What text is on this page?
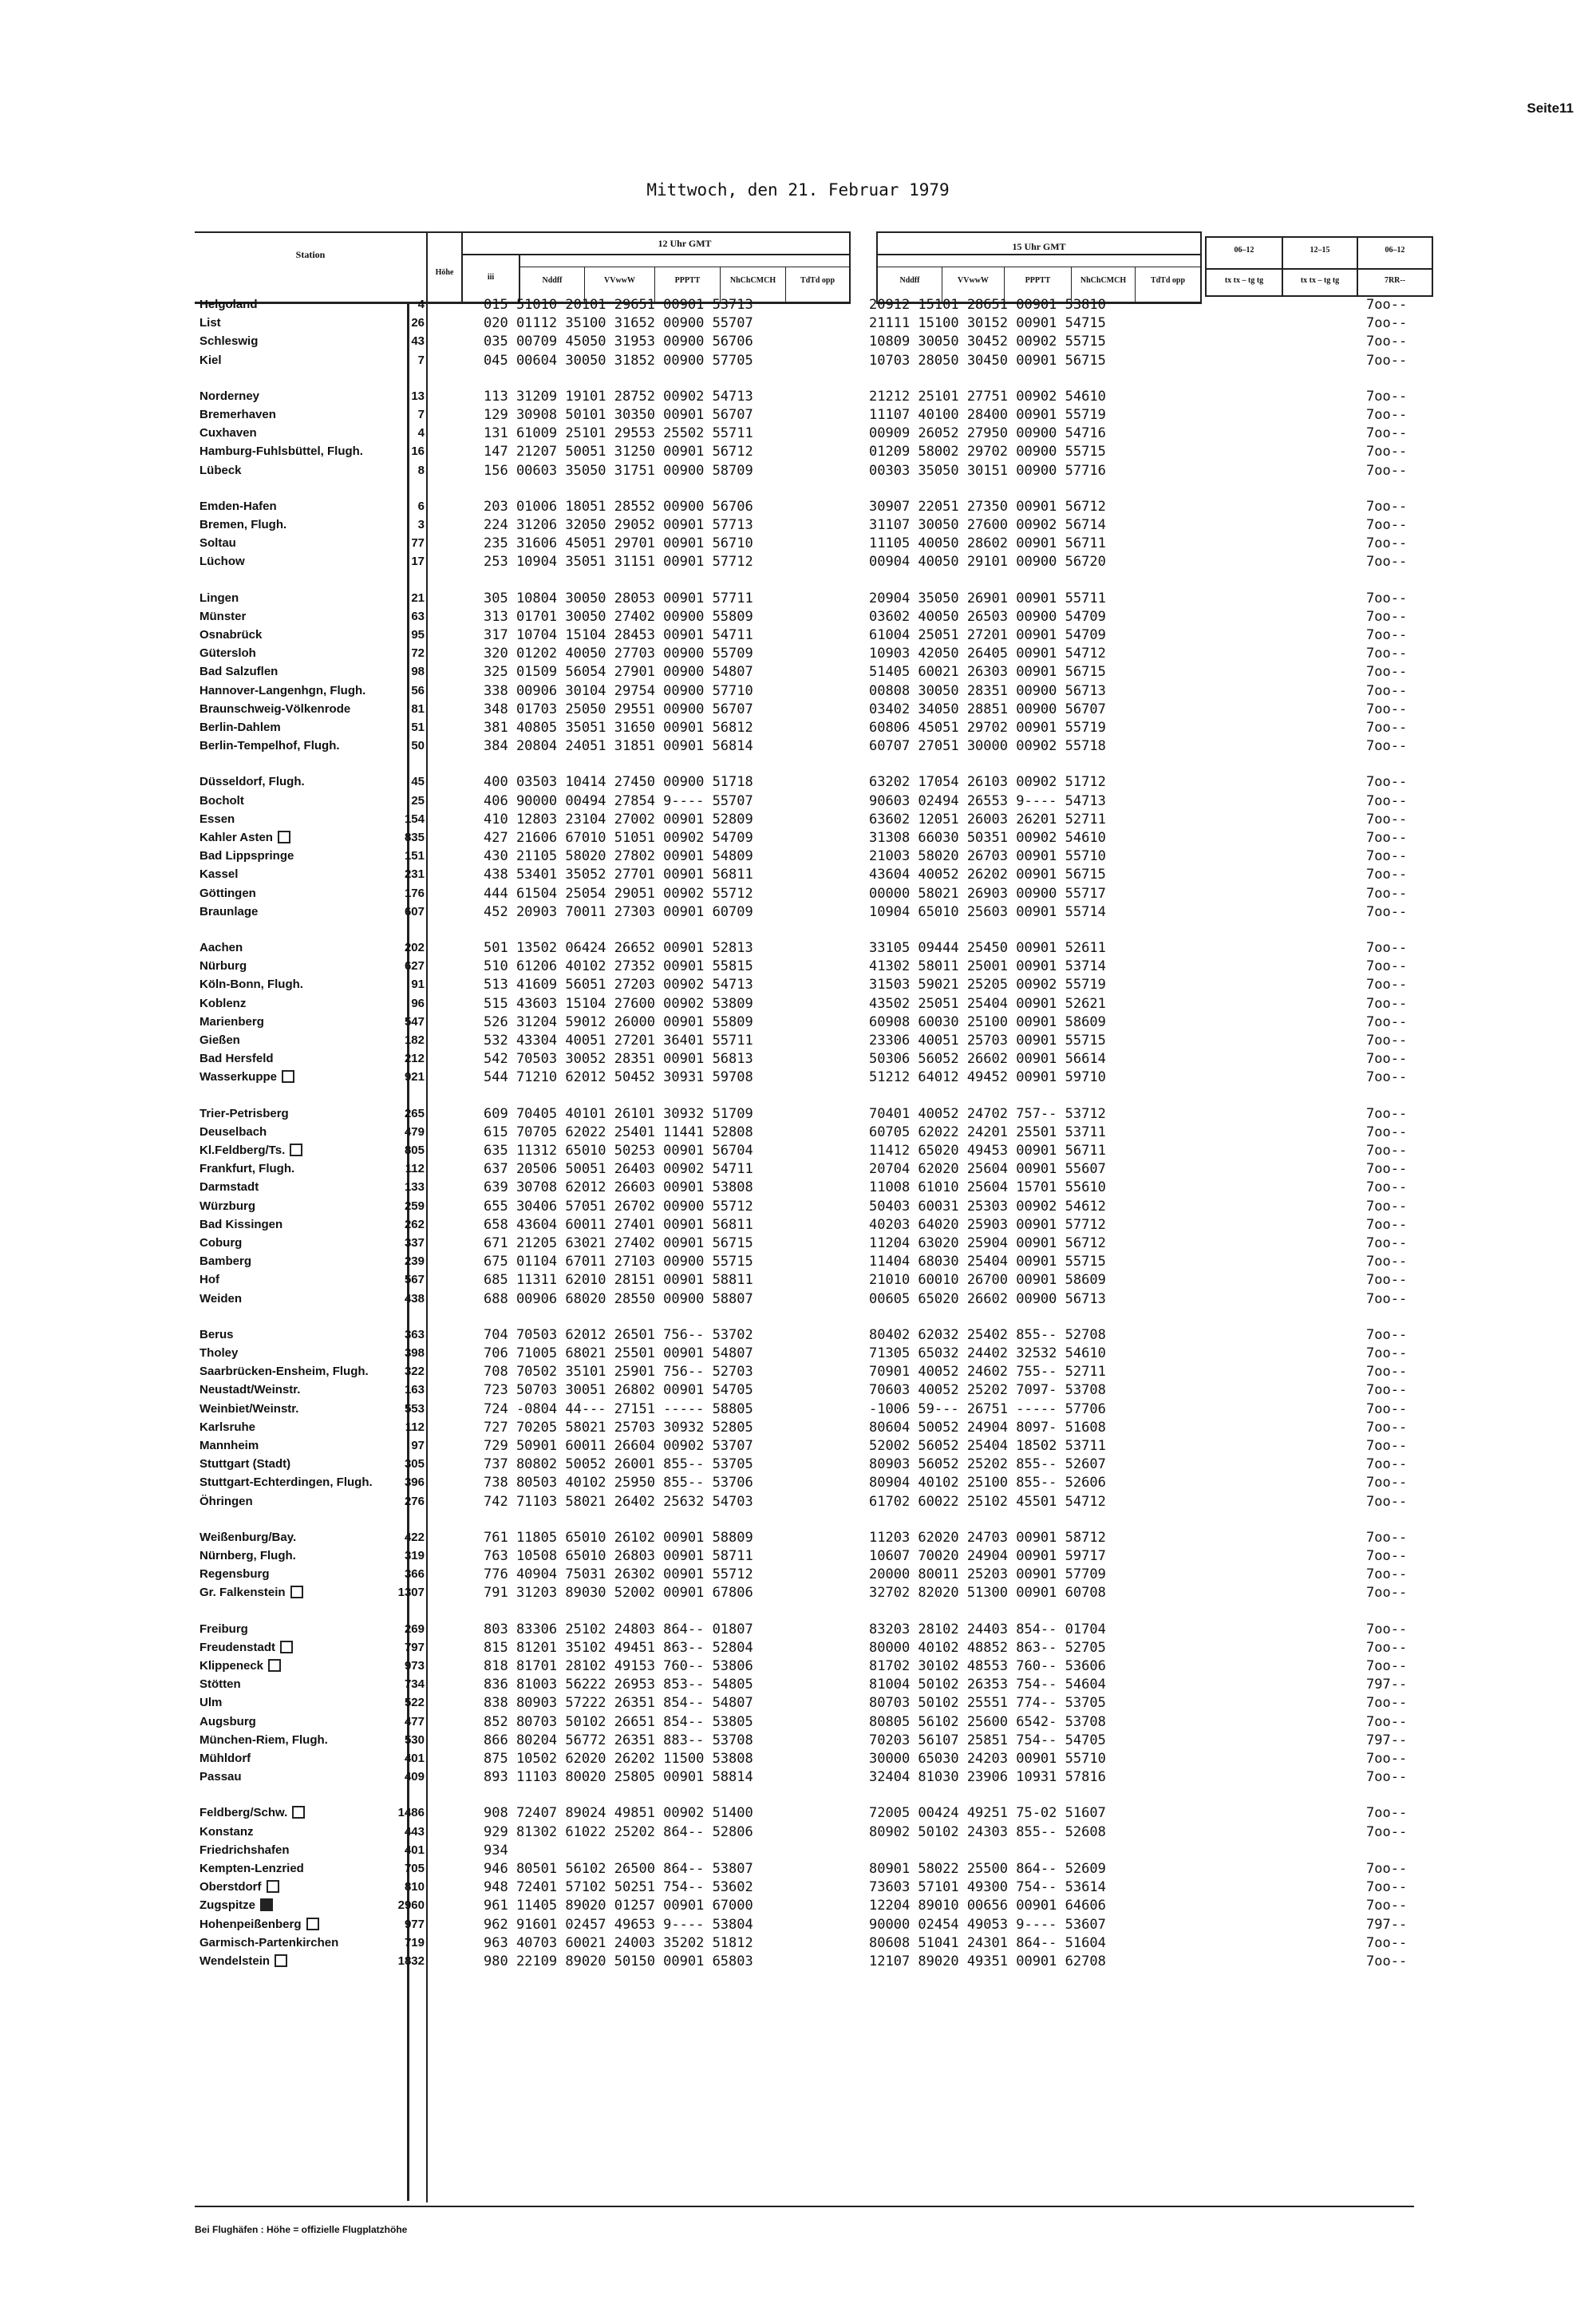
Seite11
Mittwoch, den 21. Februar 1979
Station
Höhe
iii
12 Uhr GMT	15 Uhr GMT
Nddff	VVwwW	PPPTT	NhChCMCH	TdTd opp	Nddff	VVwwW	PPPTT	NhChCMCH	TdTd opp
06–12	12–15	06–12
tx tx – tg tg	tx tx – tg tg	7RR--
Helgoland	4	015 51010 20101 29651 00901 53713	20912 15101 28651 00901 53810	7oo--
List	26	020 01112 35100 31652 00900 55707	21111 15100 30152 00901 54715	7oo--
Schleswig	43	035 00709 45050 31953 00900 56706	10809 30050 30452 00902 55715	7oo--
Kiel	7	045 00604 30050 31852 00900 57705	10703 28050 30450 00901 56715	7oo--
Norderney	13	113 31209 19101 28752 00902 54713	21212 25101 27751 00902 54610	7oo--
Bremerhaven	7	129 30908 50101 30350 00901 56707	11107 40100 28400 00901 55719	7oo--
Cuxhaven	4	131 61009 25101 29553 25502 55711	00909 26052 27950 00900 54716	7oo--
Hamburg-Fuhlsbüttel, Flugh.	16	147 21207 50051 31250 00901 56712	01209 58002 29702 00900 55715	7oo--
Lübeck	8	156 00603 35050 31751 00900 58709	00303 35050 30151 00900 57716	7oo--
Emden-Hafen	6	203 01006 18051 28552 00900 56706	30907 22051 27350 00901 56712	7oo--
Bremen, Flugh.	3	224 31206 32050 29052 00901 57713	31107 30050 27600 00902 56714	7oo--
Soltau	77	235 31606 45051 29701 00901 56710	11105 40050 28602 00901 56711	7oo--
Lüchow	17	253 10904 35051 31151 00901 57712	00904 40050 29101 00900 56720	7oo--
Lingen	21	305 10804 30050 28053 00901 57711	20904 35050 26901 00901 55711	7oo--
Münster	63	313 01701 30050 27402 00900 55809	03602 40050 26503 00900 54709	7oo--
Osnabrück	95	317 10704 15104 28453 00901 54711	61004 25051 27201 00901 54709	7oo--
Gütersloh	72	320 01202 40050 27703 00900 55709	10903 42050 26405 00901 54712	7oo--
Bad Salzuflen	98	325 01509 56054 27901 00900 54807	51405 60021 26303 00901 56715	7oo--
Hannover-Langenhgn, Flugh.	56	338 00906 30104 29754 00900 57710	00808 30050 28351 00900 56713	7oo--
Braunschweig-Völkenrode	81	348 01703 25050 29551 00900 56707	03402 34050 28851 00900 56707	7oo--
Berlin-Dahlem	51	381 40805 35051 31650 00901 56812	60806 45051 29702 00901 55719	7oo--
Berlin-Tempelhof, Flugh.	50	384 20804 24051 31851 00901 56814	60707 27051 30000 00902 55718	7oo--
Düsseldorf, Flugh.	45	400 03503 10414 27450 00900 51718	63202 17054 26103 00902 51712	7oo--
Bocholt	25	406 90000 00494 27854 9---- 55707	90603 02494 26553 9---- 54713	7oo--
Essen	154	410 12803 23104 27002 00901 52809	63602 12051 26003 26201 52711	7oo--
Kahler Asten	835	427 21606 67010 51051 00902 54709	31308 66030 50351 00902 54610	7oo--
Bad Lippspringe	151	430 21105 58020 27802 00901 54809	21003 58020 26703 00901 55710	7oo--
Kassel	231	438 53401 35052 27701 00901 56811	43604 40052 26202 00901 56715	7oo--
Göttingen	176	444 61504 25054 29051 00902 55712	00000 58021 26903 00900 55717	7oo--
Braunlage	607	452 20903 70011 27303 00901 60709	10904 65010 25603 00901 55714	7oo--
Aachen	202	501 13502 06424 26652 00901 52813	33105 09444 25450 00901 52611	7oo--
Nürburg	627	510 61206 40102 27352 00901 55815	41302 58011 25001 00901 53714	7oo--
Köln-Bonn, Flugh.	91	513 41609 56051 27203 00902 54713	31503 59021 25205 00902 55719	7oo--
Koblenz	96	515 43603 15104 27600 00902 53809	43502 25051 25404 00901 52621	7oo--
Marienberg	547	526 31204 59012 26000 00901 55809	60908 60030 25100 00901 58609	7oo--
Gießen	182	532 43304 40051 27201 36401 55711	23306 40051 25703 00901 55715	7oo--
Bad Hersfeld	212	542 70503 30052 28351 00901 56813	50306 56052 26602 00901 56614	7oo--
Wasserkuppe	921	544 71210 62012 50452 30931 59708	51212 64012 49452 00901 59710	7oo--
Trier-Petrisberg	265	609 70405 40101 26101 30932 51709	70401 40052 24702 757-- 53712	7oo--
Deuselbach	479	615 70705 62022 25401 11441 52808	60705 62022 24201 25501 53711	7oo--
Kl.Feldberg/Ts.	805	635 11312 65010 50253 00901 56704	11412 65020 49453 00901 56711	7oo--
Frankfurt, Flugh.	112	637 20506 50051 26403 00902 54711	20704 62020 25604 00901 55607	7oo--
Darmstadt	133	639 30708 62012 26603 00901 53808	11008 61010 25604 15701 55610	7oo--
Würzburg	259	655 30406 57051 26702 00900 55712	50403 60031 25303 00902 54612	7oo--
Bad Kissingen	262	658 43604 60011 27401 00901 56811	40203 64020 25903 00901 57712	7oo--
Coburg	337	671 21205 63021 27402 00901 56715	11204 63020 25904 00901 56712	7oo--
Bamberg	239	675 01104 67011 27103 00900 55715	11404 68030 25404 00901 55715	7oo--
Hof	567	685 11311 62010 28151 00901 58811	21010 60010 26700 00901 58609	7oo--
Weiden	438	688 00906 68020 28550 00900 58807	00605 65020 26602 00900 56713	7oo--
Berus	363	704 70503 62012 26501 756-- 53702	80402 62032 25402 855-- 52708	7oo--
Tholey	398	706 71005 68021 25501 00901 54807	71305 65032 24402 32532 54610	7oo--
Saarbrücken-Ensheim, Flugh.	322	708 70502 35101 25901 756-- 52703	70901 40052 24602 755-- 52711	7oo--
Neustadt/Weinstr.	163	723 50703 30051 26802 00901 54705	70603 40052 25202 7097- 53708	7oo--
Weinbiet/Weinstr.	553	724 -0804 44--- 27151 ----- 58805	-1006 59--- 26751 ----- 57706	7oo--
Karlsruhe	112	727 70205 58021 25703 30932 52805	80604 50052 24904 8097- 51608	7oo--
Mannheim	97	729 50901 60011 26604 00902 53707	52002 56052 25404 18502 53711	7oo--
Stuttgart (Stadt)	305	737 80802 50052 26001 855-- 53705	80903 56052 25202 855-- 52607	7oo--
Stuttgart-Echterdingen, Flugh.	396	738 80503 40102 25950 855-- 53706	80904 40102 25100 855-- 52606	7oo--
Öhringen	276	742 71103 58021 26402 25632 54703	61702 60022 25102 45501 54712	7oo--
Weißenburg/Bay.	422	761 11805 65010 26102 00901 58809	11203 62020 24703 00901 58712	7oo--
Nürnberg, Flugh.	319	763 10508 65010 26803 00901 58711	10607 70020 24904 00901 59717	7oo--
Regensburg	366	776 40904 75031 26302 00901 55712	20000 80011 25203 00901 57709	7oo--
Gr. Falkenstein	1307	791 31203 89030 52002 00901 67806	32702 82020 51300 00901 60708	7oo--
Freiburg	269	803 83306 25102 24803 864-- 01807	83203 28102 24403 854-- 01704	7oo--
Freudenstadt	797	815 81201 35102 49451 863-- 52804	80000 40102 48852 863-- 52705	7oo--
Klippeneck	973	818 81701 28102 49153 760-- 53806	81702 30102 48553 760-- 53606	7oo--
Stötten	734	836 81003 56222 26953 853-- 54805	81004 50102 26353 754-- 54604	797--
Ulm	522	838 80903 57222 26351 854-- 54807	80703 50102 25551 774-- 53705	7oo--
Augsburg	477	852 80703 50102 26651 854-- 53805	80805 56102 25600 6542- 53708	7oo--
München-Riem, Flugh.	530	866 80204 56772 26351 883-- 53708	70203 56107 25851 754-- 54705	797--
Mühldorf	401	875 10502 62020 26202 11500 53808	30000 65030 24203 00901 55710	7oo--
Passau	409	893 11103 80020 25805 00901 58814	32404 81030 23906 10931 57816	7oo--
Feldberg/Schw.	1486	908 72407 89024 49851 00902 51400	72005 00424 49251 75-02 51607	7oo--
Konstanz	443	929 81302 61022 25202 864-- 52806	80902 50102 24303 855-- 52608	7oo--
Friedrichshafen	401	934
Kempten-Lenzried	705	946 80501 56102 26500 864-- 53807	80901 58022 25500 864-- 52609	7oo--
Oberstdorf	810	948 72401 57102 50251 754-- 53602	73603 57101 49300 754-- 53614	7oo--
Zugspitze	2960	961 11405 89020 01257 00901 67000	12204 89010 00656 00901 64606	7oo--
Hohenpeißenberg	977	962 91601 02457 49653 9---- 53804	90000 02454 49053 9---- 53607	797--
Garmisch-Partenkirchen	719	963 40703 60021 24003 35202 51812	80608 51041 24301 864-- 51604	7oo--
Wendelstein	1832	980 22109 89020 50150 00901 65803	12107 89020 49351 00901 62708	7oo--
Bei Flughäfen : Höhe = offizielle Flugplatzhöhe
